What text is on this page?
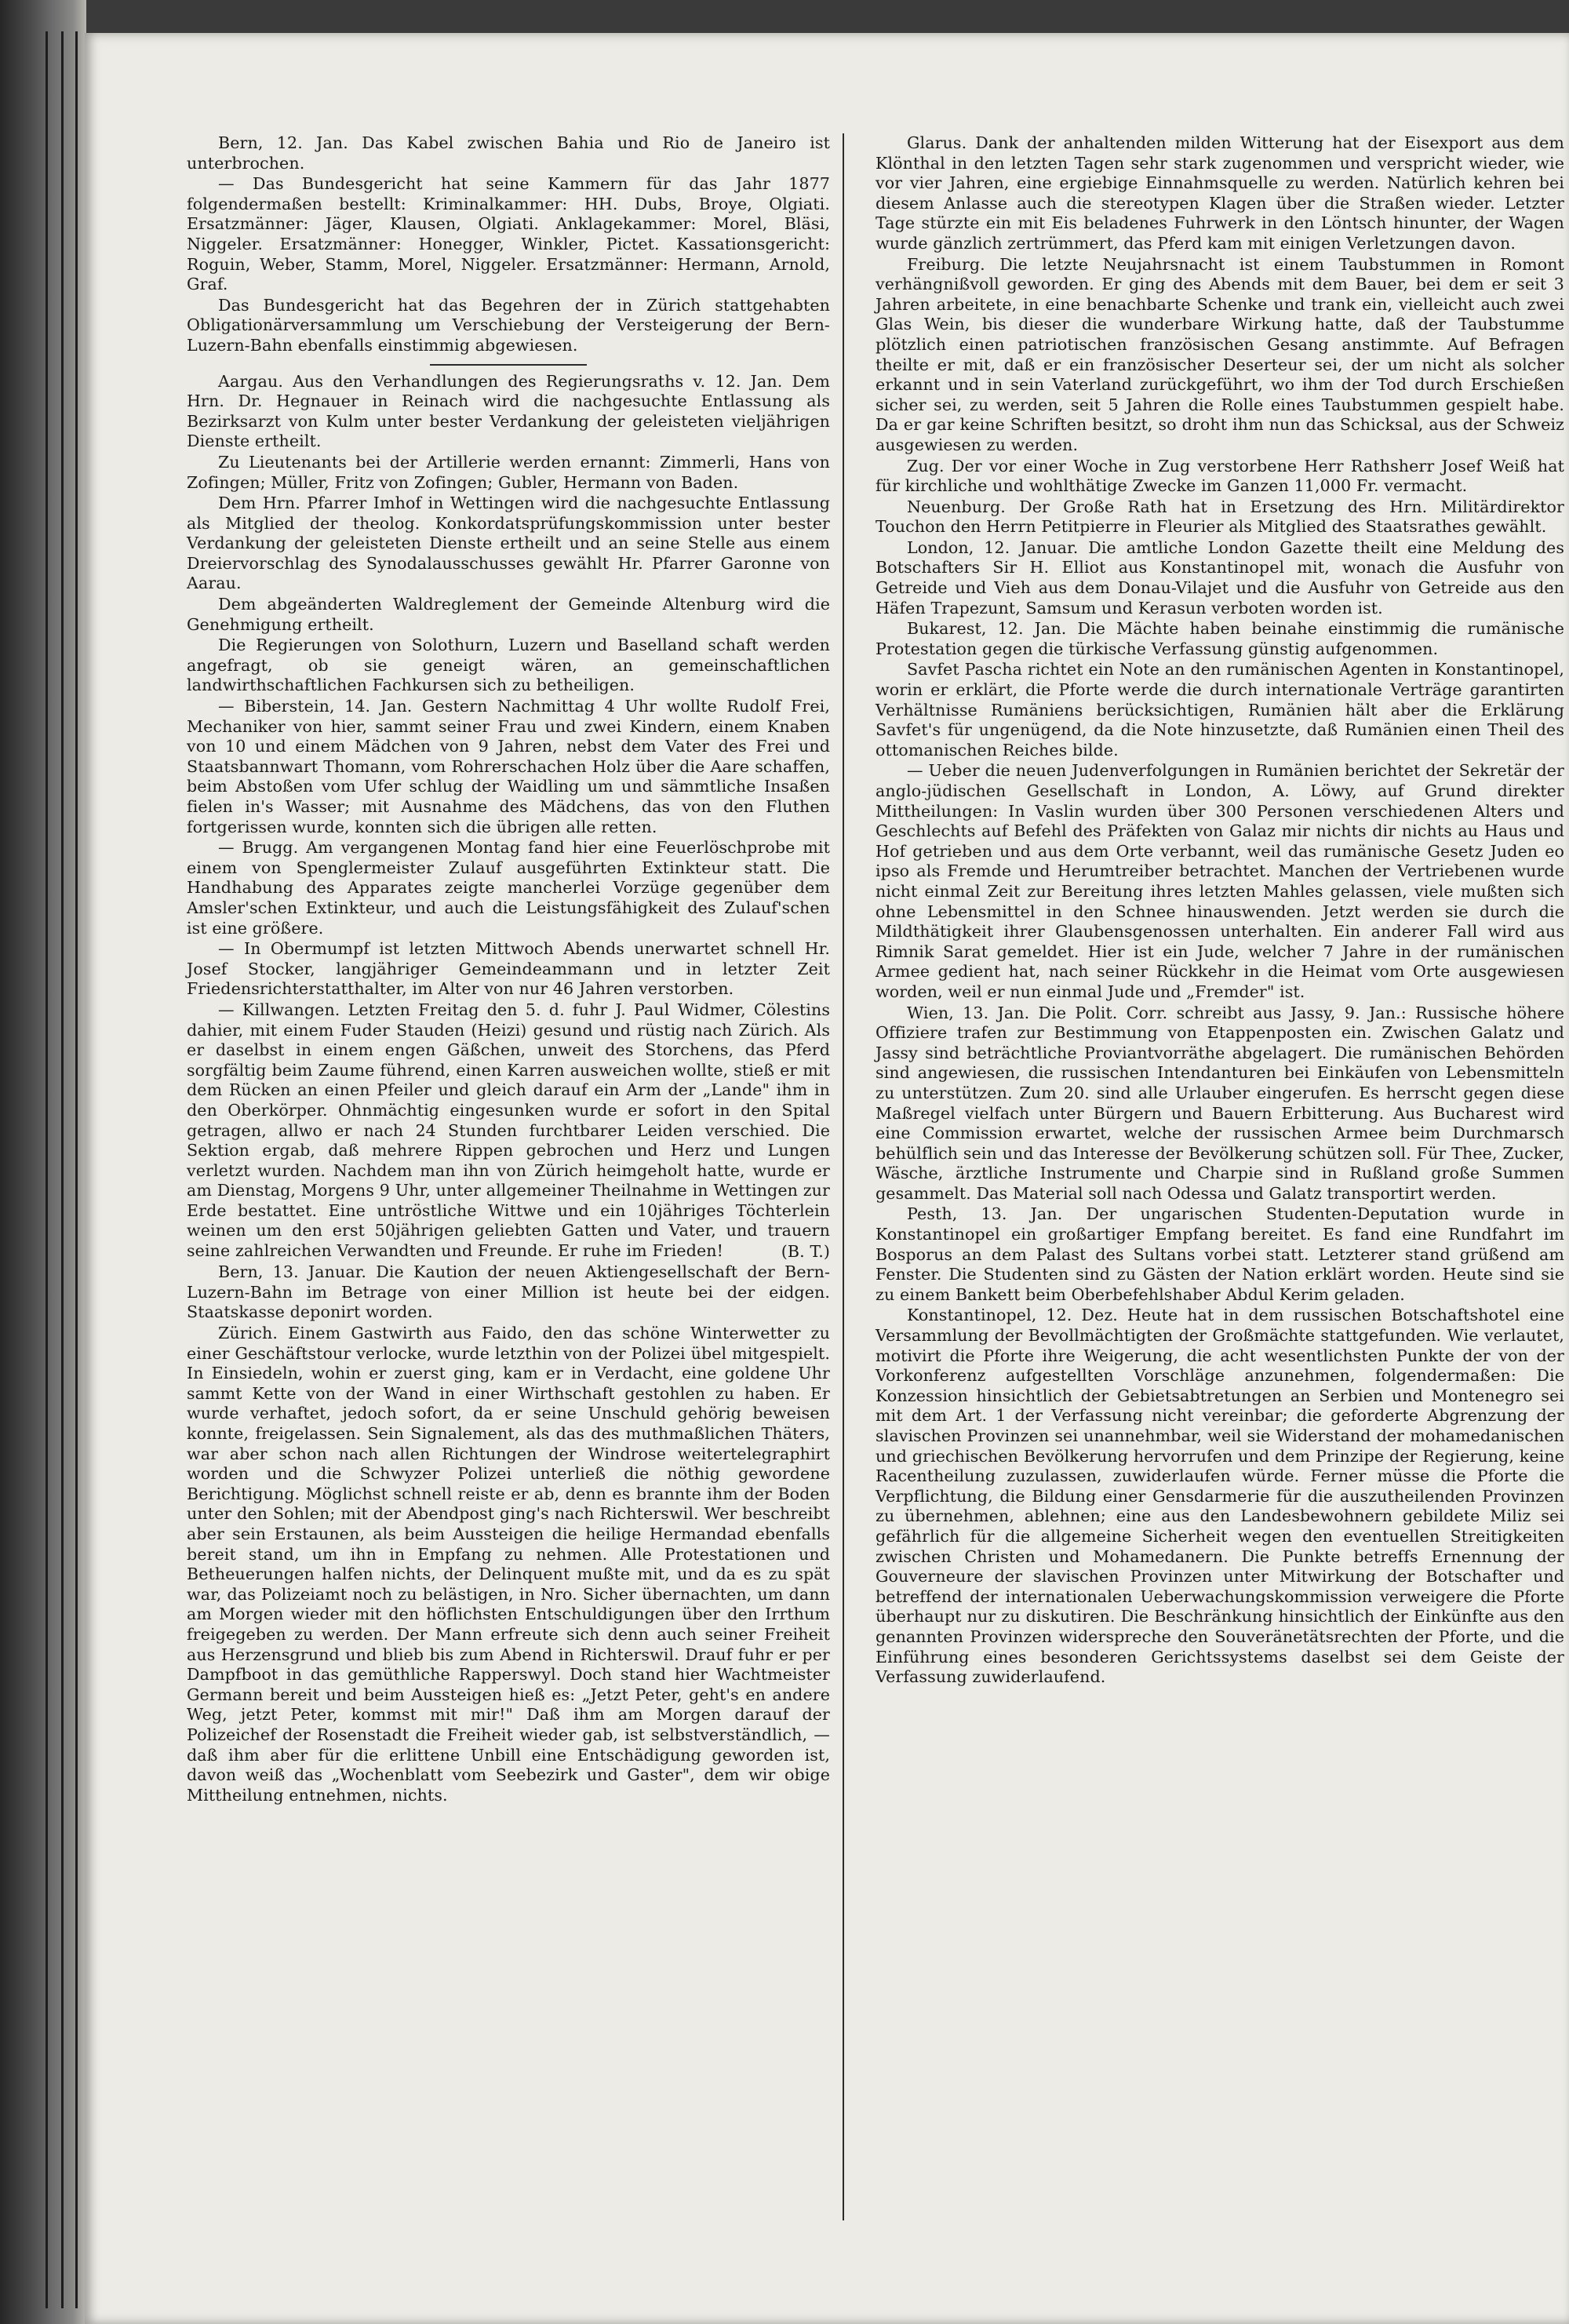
Bern, 12. Jan. Das Kabel zwischen Bahia und Rio de Janeiro ist unterbrochen.

— Das Bundesgericht hat seine Kammern für das Jahr 1877 folgendermaßen bestellt: Kriminalkammer: HH. Dubs, Broye, Olgiati. Ersatzmänner: Jäger, Klausen, Olgiati. Anklagekammer: Morel, Bläsi, Niggeler. Ersatzmänner: Honegger, Winkler, Pictet. Kassationsgericht: Roguin, Weber, Stamm, Morel, Niggeler. Ersatzmänner: Hermann, Arnold, Graf.

Das Bundesgericht hat das Begehren der in Zürich stattgehabten Obligationärversammlung um Verschiebung der Versteigerung der Bern-Luzern-Bahn ebenfalls einstimmig abgewiesen.

Aargau. Aus den Verhandlungen des Regierungsraths v. 12. Jan. Dem Hrn. Dr. Hegnauer in Reinach wird die nachgesuchte Entlassung als Bezirksarzt von Kulm unter bester Verdankung der geleisteten vieljährigen Dienste ertheilt.

Zu Lieutenants bei der Artillerie werden ernannt: Zimmerli, Hans von Zofingen; Müller, Fritz von Zofingen; Gubler, Hermann von Baden.

Dem Hrn. Pfarrer Imhof in Wettingen wird die nachgesuchte Entlassung als Mitglied der theolog. Konkordatsprüfungskommission unter bester Verdankung der geleisteten Dienste ertheilt und an seine Stelle aus einem Dreiervorschlag des Synodalausschusses gewählt Hr. Pfarrer Garonne von Aarau.

Dem abgeänderten Waldreglement der Gemeinde Altenburg wird die Genehmigung ertheilt.

Die Regierungen von Solothurn, Luzern und Baselland schaft werden angefragt, ob sie geneigt wären, an gemeinschaftlichen landwirthschaftlichen Fachkursen sich zu betheiligen.

— Biberstein, 14. Jan. Gestern Nachmittag 4 Uhr wollte Rudolf Frei, Mechaniker von hier, sammt seiner Frau und zwei Kindern, einem Knaben von 10 und einem Mädchen von 9 Jahren, nebst dem Vater des Frei und Staatsbannwart Thomann, vom Rohrerschachen Holz über die Aare schaffen, beim Abstoßen vom Ufer schlug der Waidling um und sämmtliche Insaßen fielen in's Wasser; mit Ausnahme des Mädchens, das von den Fluthen fortgerissen wurde, konnten sich die übrigen alle retten.

— Brugg. Am vergangenen Montag fand hier eine Feuerlöschprobe mit einem von Spenglermeister Zulauf ausgeführten Extinkteur statt. Die Handhabung des Apparates zeigte mancherlei Vorzüge gegenüber dem Amsler'schen Extinkteur, und auch die Leistungsfähigkeit des Zulauf'schen ist eine größere.

— In Obermumpf ist letzten Mittwoch Abends unerwartet schnell Hr. Josef Stocker, langjähriger Gemeindeammann und in letzter Zeit Friedensrichterstatthalter, im Alter von nur 46 Jahren verstorben.

— Killwangen. Letzten Freitag den 5. d. fuhr J. Paul Widmer, Cölestins dahier, mit einem Fuder Stauden (Heizi) gesund und rüstig nach Zürich. Als er daselbst in einem engen Gäßchen, unweit des Storchens, das Pferd sorgfältig beim Zaume führend, einen Karren ausweichen wollte, stieß er mit dem Rücken an einen Pfeiler und gleich darauf ein Arm der „Lande" ihm in den Oberkörper. Ohnmächtig eingesunken wurde er sofort in den Spital getragen, allwo er nach 24 Stunden furchtbarer Leiden verschied. Die Sektion ergab, daß mehrere Rippen gebrochen und Herz und Lungen verletzt wurden. Nachdem man ihn von Zürich heimgeholt hatte, wurde er am Dienstag, Morgens 9 Uhr, unter allgemeiner Theilnahme in Wettingen zur Erde bestattet. Eine untröstliche Wittwe und ein 10jähriges Töchterlein weinen um den erst 50jährigen geliebten Gatten und Vater, und trauern seine zahlreichen Verwandten und Freunde. Er ruhe im Frieden!	(B. T.)

Bern, 13. Januar. Die Kaution der neuen Aktiengesellschaft der Bern-Luzern-Bahn im Betrage von einer Million ist heute bei der eidgen. Staatskasse deponirt worden.

Zürich. Einem Gastwirth aus Faido, den das schöne Winterwetter zu einer Geschäftstour verlocke, wurde letzthin von der Polizei übel mitgespielt. In Einsiedeln, wohin er zuerst ging, kam er in Verdacht, eine goldene Uhr sammt Kette von der Wand in einer Wirthschaft gestohlen zu haben. Er wurde verhaftet, jedoch sofort, da er seine Unschuld gehörig beweisen konnte, freigelassen. Sein Signalement, als das des muthmaßlichen Thäters, war aber schon nach allen Richtungen der Windrose weitertelegraphirt worden und die Schwyzer Polizei unterließ die nöthig gewordene Berichtigung. Möglichst schnell reiste er ab, denn es brannte ihm der Boden unter den Sohlen; mit der Abendpost ging's nach Richterswil. Wer beschreibt aber sein Erstaunen, als beim Aussteigen die heilige Hermandad ebenfalls bereit stand, um ihn in Empfang zu nehmen. Alle Protestationen und Betheuerungen halfen nichts, der Delinquent mußte mit, und da es zu spät war, das Polizeiamt noch zu belästigen, in Nro. Sicher übernachten, um dann am Morgen wieder mit den höflichsten Entschuldigungen über den Irrthum freigegeben zu werden. Der Mann erfreute sich denn auch seiner Freiheit aus Herzensgrund und blieb bis zum Abend in Richterswil. Drauf fuhr er per Dampfboot in das gemüthliche Rapperswyl. Doch stand hier Wachtmeister Germann bereit und beim Aussteigen hieß es: „Jetzt Peter, geht's en andere Weg, jetzt Peter, kommst mit mir!" Daß ihm am Morgen darauf der Polizeichef der Rosenstadt die Freiheit wieder gab, ist selbstverständlich, — daß ihm aber für die erlittene Unbill eine Entschädigung geworden ist, davon weiß das „Wochenblatt vom Seebezirk und Gaster", dem wir obige Mittheilung entnehmen, nichts.

Glarus. Dank der anhaltenden milden Witterung hat der Eisexport aus dem Klönthal in den letzten Tagen sehr stark zugenommen und verspricht wieder, wie vor vier Jahren, eine ergiebige Einnahmsquelle zu werden. Natürlich kehren bei diesem Anlasse auch die stereotypen Klagen über die Straßen wieder. Letzter Tage stürzte ein mit Eis beladenes Fuhrwerk in den Löntsch hinunter, der Wagen wurde gänzlich zertrümmert, das Pferd kam mit einigen Verletzungen davon.

Freiburg. Die letzte Neujahrsnacht ist einem Taubstummen in Romont verhängnißvoll geworden. Er ging des Abends mit dem Bauer, bei dem er seit 3 Jahren arbeitete, in eine benachbarte Schenke und trank ein, vielleicht auch zwei Glas Wein, bis dieser die wunderbare Wirkung hatte, daß der Taubstumme plötzlich einen patriotischen französischen Gesang anstimmte. Auf Befragen theilte er mit, daß er ein französischer Deserteur sei, der um nicht als solcher erkannt und in sein Vaterland zurückgeführt, wo ihm der Tod durch Erschießen sicher sei, zu werden, seit 5 Jahren die Rolle eines Taubstummen gespielt habe. Da er gar keine Schriften besitzt, so droht ihm nun das Schicksal, aus der Schweiz ausgewiesen zu werden.

Zug. Der vor einer Woche in Zug verstorbene Herr Rathsherr Josef Weiß hat für kirchliche und wohlthätige Zwecke im Ganzen 11,000 Fr. vermacht.

Neuenburg. Der Große Rath hat in Ersetzung des Hrn. Militärdirektor Touchon den Herrn Petitpierre in Fleurier als Mitglied des Staatsrathes gewählt.

London, 12. Januar. Die amtliche London Gazette theilt eine Meldung des Botschafters Sir H. Elliot aus Konstantinopel mit, wonach die Ausfuhr von Getreide und Vieh aus dem Donau-Vilajet und die Ausfuhr von Getreide aus den Häfen Trapezunt, Samsum und Kerasun verboten worden ist.

Bukarest, 12. Jan. Die Mächte haben beinahe einstimmig die rumänische Protestation gegen die türkische Verfassung günstig aufgenommen.

Savfet Pascha richtet ein Note an den rumänischen Agenten in Konstantinopel, worin er erklärt, die Pforte werde die durch internationale Verträge garantirten Verhältnisse Rumäniens berücksichtigen, Rumänien hält aber die Erklärung Savfet's für ungenügend, da die Note hinzusetzte, daß Rumänien einen Theil des ottomanischen Reiches bilde.

— Ueber die neuen Judenverfolgungen in Rumänien berichtet der Sekretär der anglo-jüdischen Gesellschaft in London, A. Löwy, auf Grund direkter Mittheilungen: In Vaslin wurden über 300 Personen verschiedenen Alters und Geschlechts auf Befehl des Präfekten von Galaz mir nichts dir nichts au Haus und Hof getrieben und aus dem Orte verbannt, weil das rumänische Gesetz Juden eo ipso als Fremde und Herumtreiber betrachtet. Manchen der Vertriebenen wurde nicht einmal Zeit zur Bereitung ihres letzten Mahles gelassen, viele mußten sich ohne Lebensmittel in den Schnee hinauswenden. Jetzt werden sie durch die Mildthätigkeit ihrer Glaubensgenossen unterhalten. Ein anderer Fall wird aus Rimnik Sarat gemeldet. Hier ist ein Jude, welcher 7 Jahre in der rumänischen Armee gedient hat, nach seiner Rückkehr in die Heimat vom Orte ausgewiesen worden, weil er nun einmal Jude und „Fremder" ist.

Wien, 13. Jan. Die Polit. Corr. schreibt aus Jassy, 9. Jan.: Russische höhere Offiziere trafen zur Bestimmung von Etappenposten ein. Zwischen Galatz und Jassy sind beträchtliche Proviantvorräthe abgelagert. Die rumänischen Behörden sind angewiesen, die russischen Intendanturen bei Einkäufen von Lebensmitteln zu unterstützen. Zum 20. sind alle Urlauber eingerufen. Es herrscht gegen diese Maßregel vielfach unter Bürgern und Bauern Erbitterung. Aus Bucharest wird eine Commission erwartet, welche der russischen Armee beim Durchmarsch behülflich sein und das Interesse der Bevölkerung schützen soll. Für Thee, Zucker, Wäsche, ärztliche Instrumente und Charpie sind in Rußland große Summen gesammelt. Das Material soll nach Odessa und Galatz transportirt werden.

Pesth, 13. Jan. Der ungarischen Studenten-Deputation wurde in Konstantinopel ein großartiger Empfang bereitet. Es fand eine Rundfahrt im Bosporus an dem Palast des Sultans vorbei statt. Letzterer stand grüßend am Fenster. Die Studenten sind zu Gästen der Nation erklärt worden. Heute sind sie zu einem Bankett beim Oberbefehlshaber Abdul Kerim geladen.

Konstantinopel, 12. Dez. Heute hat in dem russischen Botschaftshotel eine Versammlung der Bevollmächtigten der Großmächte stattgefunden. Wie verlautet, motivirt die Pforte ihre Weigerung, die acht wesentlichsten Punkte der von der Vorkonferenz aufgestellten Vorschläge anzunehmen, folgendermaßen: Die Konzession hinsichtlich der Gebietsabtretungen an Serbien und Montenegro sei mit dem Art. 1 der Verfassung nicht vereinbar; die geforderte Abgrenzung der slavischen Provinzen sei unannehmbar, weil sie Widerstand der mohamedanischen und griechischen Bevölkerung hervorrufen und dem Prinzipe der Regierung, keine Racentheilung zuzulassen, zuwiderlaufen würde. Ferner müsse die Pforte die Verpflichtung, die Bildung einer Gensdarmerie für die auszutheilenden Provinzen zu übernehmen, ablehnen; eine aus den Landesbewohnern gebildete Miliz sei gefährlich für die allgemeine Sicherheit wegen den eventuellen Streitigkeiten zwischen Christen und Mohamedanern. Die Punkte betreffs Ernennung der Gouverneure der slavischen Provinzen unter Mitwirkung der Botschafter und betreffend der internationalen Ueberwachungskommission verweigere die Pforte überhaupt nur zu diskutiren. Die Beschränkung hinsichtlich der Einkünfte aus den genannten Provinzen widerspreche den Souveränetätsrechten der Pforte, und die Einführung eines besonderen Gerichtssystems daselbst sei dem Geiste der Verfassung zuwiderlaufend.
